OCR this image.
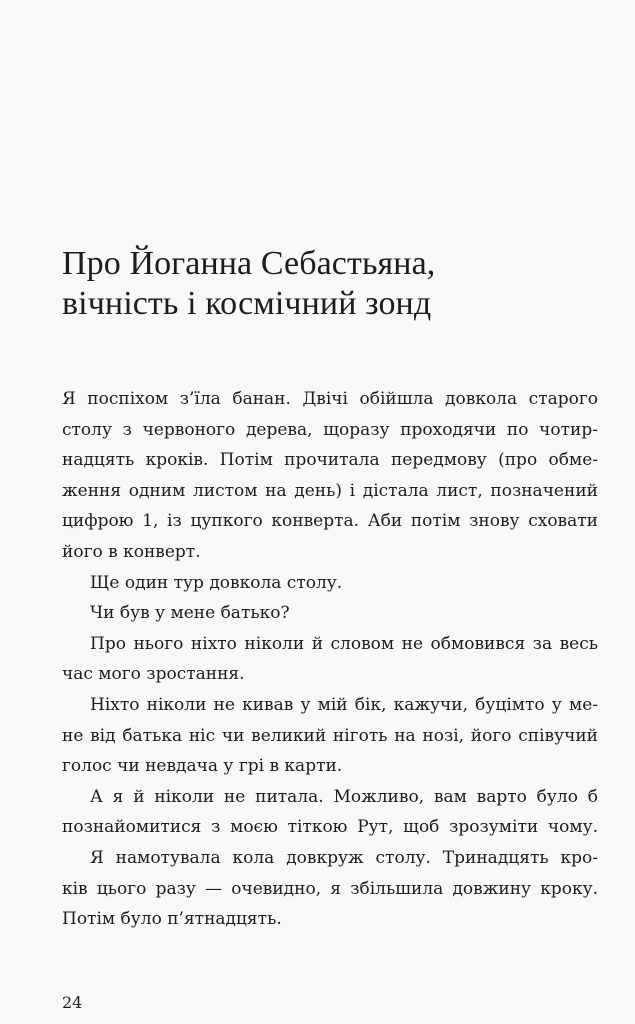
Про Йоганна Себастьяна,
вічність і космічний зонд
Я поспіхом з’їла банан. Двічі обійшла довкола старого
столу з червоного дерева, щоразу проходячи по чотир-
надцять кроків. Потім прочитала передмову (про обме-
ження одним листом на день) і дістала лист, позначений
цифрою 1, із цупкого конверта. Аби потім знову сховати
його в конверт.
Ще один тур довкола столу.
Чи був у мене батько?
Про нього ніхто ніколи й словом не обмовився за весь
час мого зростання.
Ніхто ніколи не кивав у мій бік, кажучи, буцімто у ме-
не від батька ніс чи великий ніготь на нозі, його співучий
голос чи невдача у грі в карти.
А я й ніколи не питала. Можливо, вам варто було б
познайомитися з моєю тіткою Рут, щоб зрозуміти чому.
Я намотувала кола довкруж столу. Тринадцять кро-
ків цього разу — очевидно, я збільшила довжину кроку.
Потім було п’ятнадцять.
24
